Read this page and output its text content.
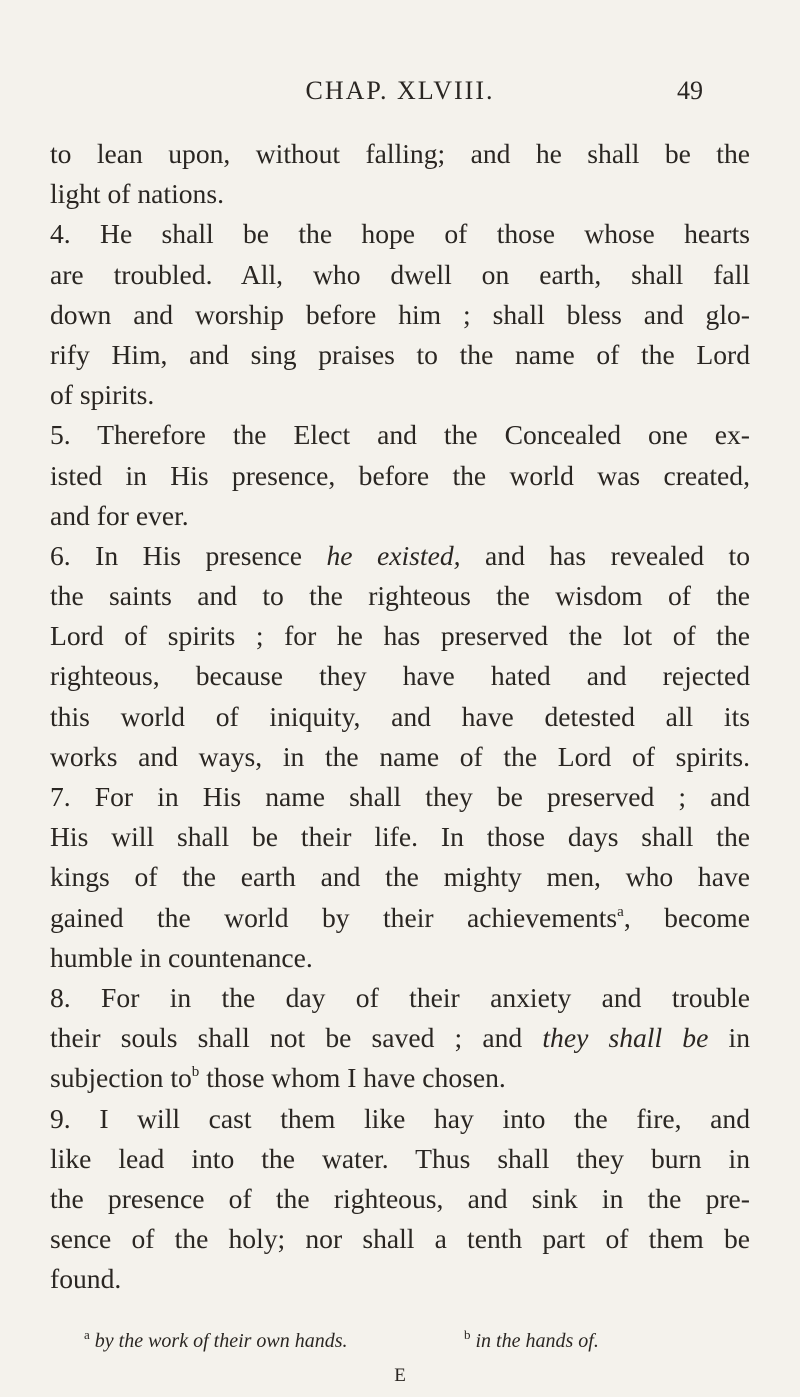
CHAP. XLVIII.	49
to lean upon, without falling; and he shall be the
light of nations.
4. He shall be the hope of those whose hearts
are troubled. All, who dwell on earth, shall fall
down and worship before him ; shall bless and glo-
rify Him, and sing praises to the name of the Lord
of spirits.
5. Therefore the Elect and the Concealed one ex-
isted in His presence, before the world was created,
and for ever.
6. In His presence he existed, and has revealed to
the saints and to the righteous the wisdom of the
Lord of spirits ; for he has preserved the lot of the
righteous, because they have hated and rejected
this world of iniquity, and have detested all its
works and ways, in the name of the Lord of spirits.
7. For in His name shall they be preserved ; and
His will shall be their life. In those days shall the
kings of the earth and the mighty men, who have
gained the world by their achievements$^a$, become
humble in countenance.
8. For in the day of their anxiety and trouble
their souls shall not be saved ; and they shall be in
subjection $to^b$ those whom I have chosen.
9. I will cast them like hay into the fire, and
like lead into the water. Thus shall they burn in
the presence of the righteous, and sink in the pre-
sence of the holy; nor shall a tenth part of them be
found.
$^a$ by the work of their own hands.	$^b$ in the hands of.
E
